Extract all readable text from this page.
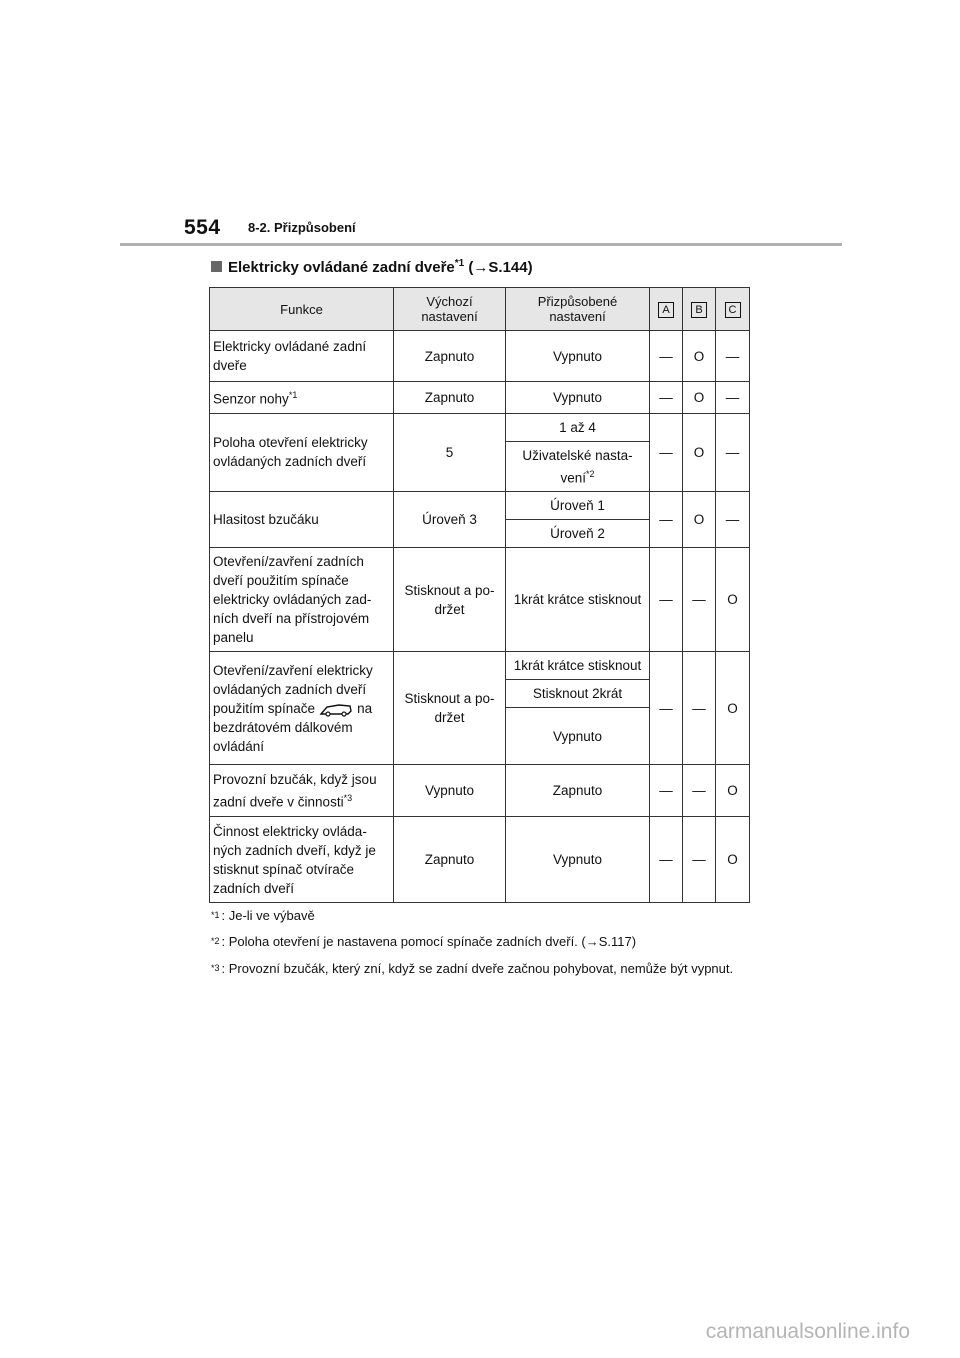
554 8-2. Přizpůsobení
Elektricky ovládané zadní dveře$^{*1}$ (→S.144)
Funkce	Výchozí nastavení	Přizpůsobené nastavení	A	B	C
Elektricky ovládané zadní dveře	Zapnuto	Vypnuto	—	O	—
Senzor nohy$^{*1}$	Zapnuto	Vypnuto	—	O	—
Poloha otevření elektricky ovládaných zadních dveří	5	1 až 4	—	O	—
		Uživatelské nasta- vení$^{*2}$
Hlasitost bzučáku	Úroveň 3	Úroveň 1	—	O	—
		Úroveň 2			
Otevření/zavření zadních dveří použitím spínače elektricky ovládaných zad- ních dveří na přístrojovém panelu	Stisknout a po- držet	1krát krátce stisknout	—	—	O
Otevření/zavření elektricky ovládaných zadních dveří použitím spínače na bezdrátovém dálkovém ovládání	Stisknout a po- držet	1krát krátce stisknout	—	—	O
		Stisknout 2krát			
		Vypnuto			
Provozní bzučák, když jsou zadní dveře v činnosti$^{*3}$	Vypnuto	Zapnuto	—	—	O
Činnost elektricky ovláda- ných zadních dveří, když je stisknut spínač otvírače zadních dveří	Zapnuto	Vypnuto	—	—	O
$^{*1}$ : Je-li ve výbavě
$^{*2}$ : Poloha otevření je nastavena pomocí spínače zadních dveří. (→S.117)
$^{*3}$ : Provozní bzučák, který zní, když se zadní dveře začnou pohybovat, nemůže být vypnut.
carmanualsonline.info
